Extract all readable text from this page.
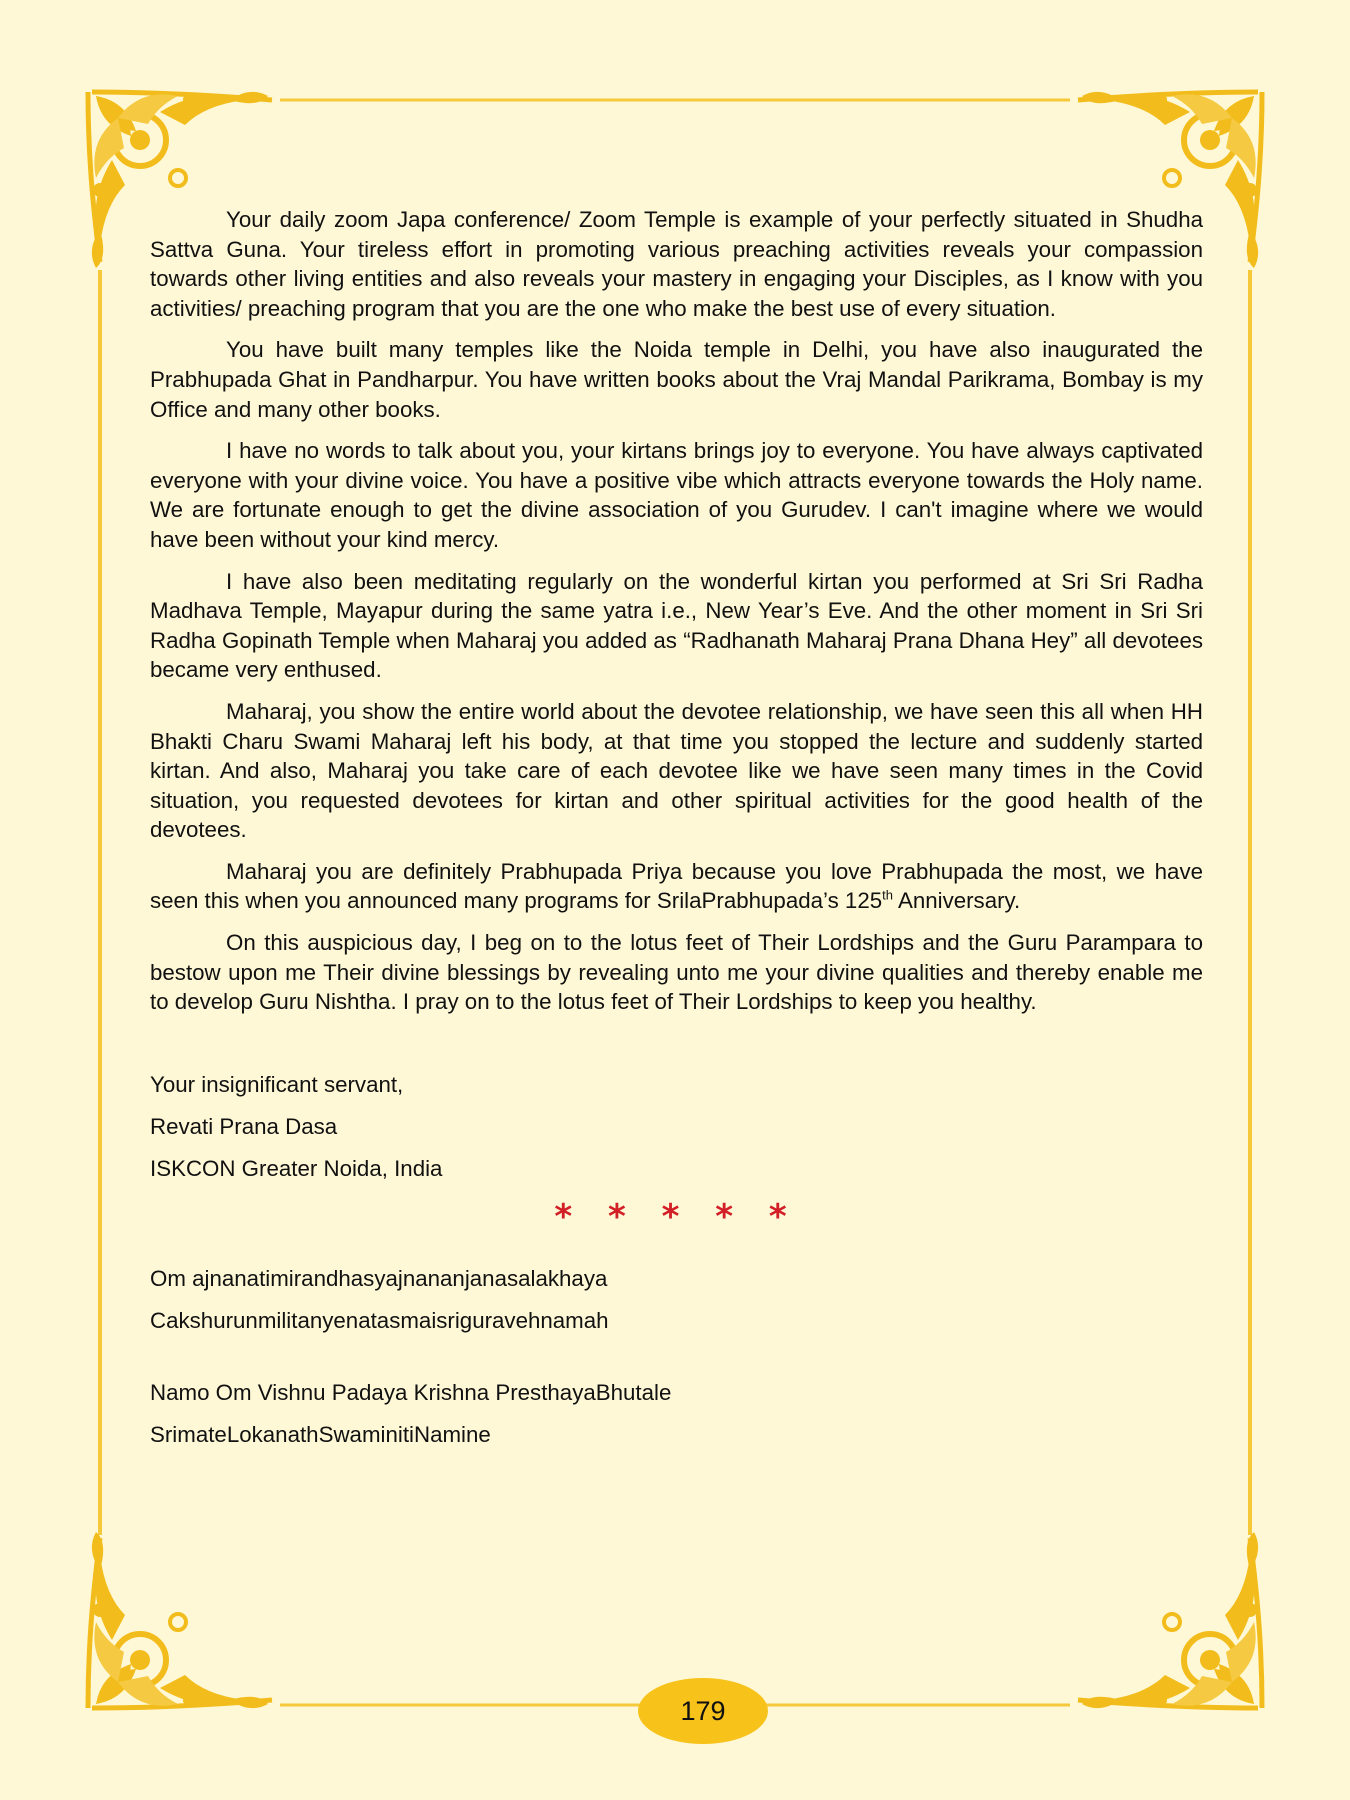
Your daily zoom Japa conference/ Zoom Temple is example of your perfectly situated in Shudha Sattva Guna. Your tireless effort in promoting various preaching activities reveals your compassion towards other living entities and also reveals your mastery in engaging your Disciples, as I know with you activities/ preaching program that you are the one who make the best use of every situation.

You have built many temples like the Noida temple in Delhi, you have also inaugurated the Prabhupada Ghat in Pandharpur. You have written books about the Vraj Mandal Parikrama, Bombay is my Office and many other books.

I have no words to talk about you, your kirtans brings joy to everyone. You have always captivated everyone with your divine voice. You have a positive vibe which attracts everyone towards the Holy name. We are fortunate enough to get the divine association of you Gurudev. I can't imagine where we would have been without your kind mercy.

I have also been meditating regularly on the wonderful kirtan you performed at Sri Sri Radha Madhava Temple, Mayapur during the same yatra i.e., New Year’s Eve. And the other moment in Sri Sri Radha Gopinath Temple when Maharaj you added as “Radhanath Maharaj Prana Dhana Hey” all devotees became very enthused.

Maharaj, you show the entire world about the devotee relationship, we have seen this all when HH Bhakti Charu Swami Maharaj left his body, at that time you stopped the lecture and suddenly started kirtan. And also, Maharaj you take care of each devotee like we have seen many times in the Covid situation, you requested devotees for kirtan and other spiritual activities for the good health of the devotees.

Maharaj you are definitely Prabhupada Priya because you love Prabhupada the most, we have seen this when you announced many programs for SrilaPrabhupada’s 125th Anniversary.

On this auspicious day, I beg on to the lotus feet of Their Lordships and the Guru Parampara to bestow upon me Their divine blessings by revealing unto me your divine qualities and thereby enable me to develop Guru Nishtha. I pray on to the lotus feet of Their Lordships to keep you healthy.

Your insignificant servant,

Revati Prana Dasa

ISKCON Greater Noida, India

* * * * *

Om ajnanatimirandhasyajnananjanasalakhaya

Cakshurunmilitanyenatasmaisriguravehnamah

Namo Om Vishnu Padaya Krishna PresthayaBhutale

SrimateLokanathSwaminitiNamine

179
